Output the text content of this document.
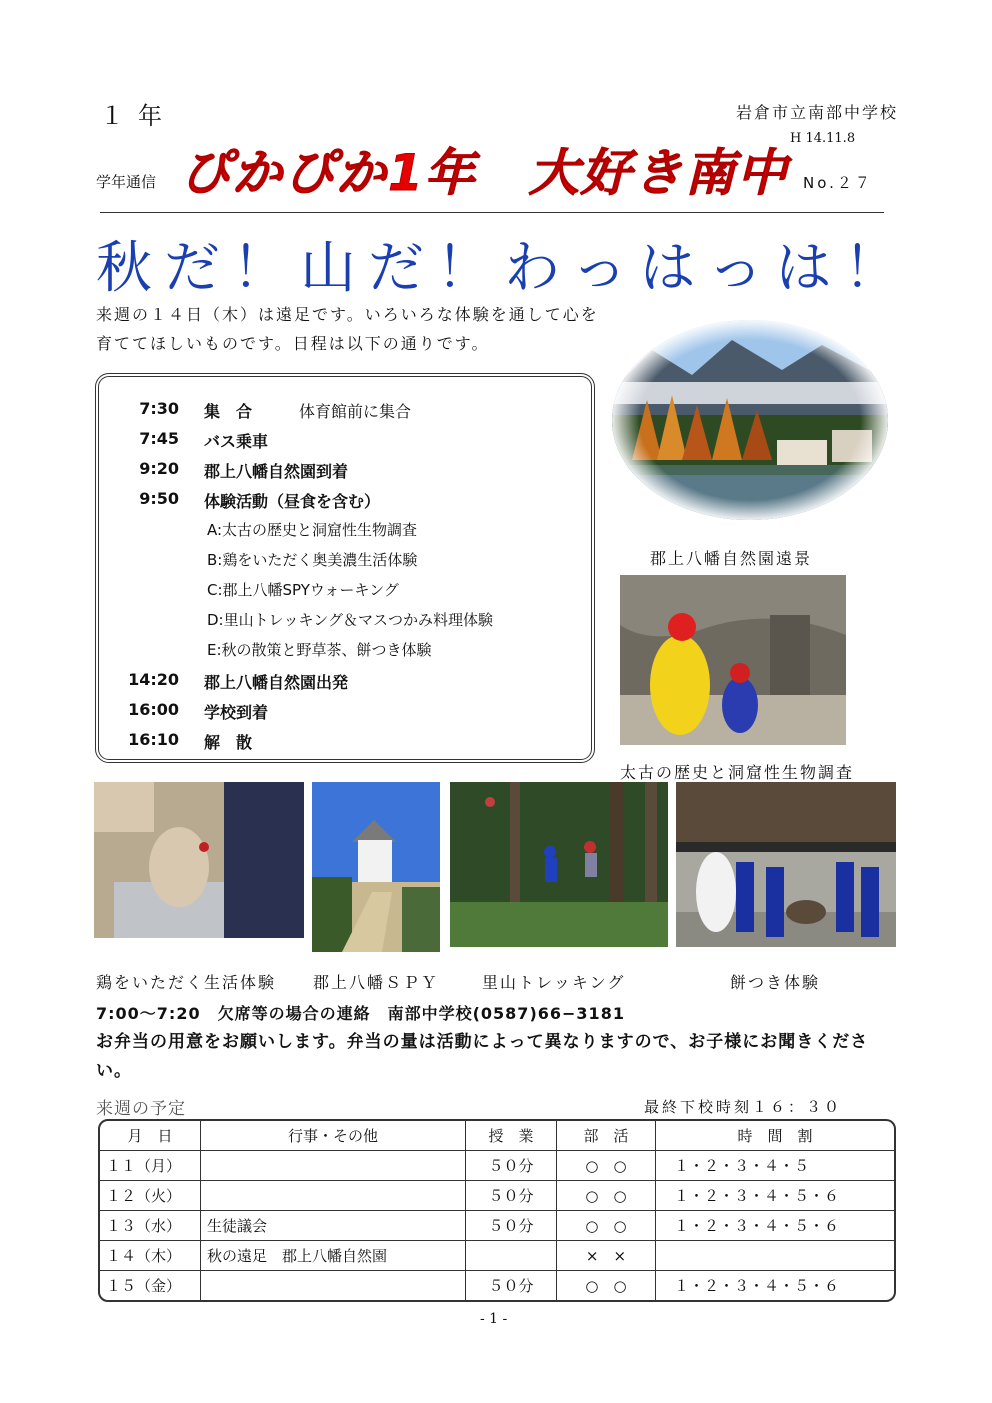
１年	岩倉市立南部中学校
H 14.11.8
学年通信 ぴかぴか1年　大好き南中 No.２７
秋だ！山だ！わっはっは！
来週の１４日（木）は遠足です。いろいろな体験を通して心を育ててほしいものです。日程は以下の通りです。
7:30 集　合	体育館前に集合
7:45 バス乗車
9:20 郡上八幡自然園到着
9:50 体験活動（昼食を含む）
A:太古の歴史と洞窟性生物調査
B:鶏をいただく奥美濃生活体験
C:郡上八幡SPYウォーキング
D:里山トレッキング＆マスつかみ料理体験
E:秋の散策と野草茶、餅つき体験
14:20 郡上八幡自然園出発
16:00 学校到着
16:10 解　散
郡上八幡自然園遠景
太古の歴史と洞窟性生物調査
鶏をいただく生活体験 郡上八幡ＳＰＹ	里山トレッキング	餅つき体験
7:00〜7:20　欠席等の場合の連絡　南部中学校(0587)66−3181
お弁当の用意をお願いします。弁当の量は活動によって異なりますので、お子様にお聞きください。
来週の予定	最終下校時刻１６：３０
月　日	行事・その他	授　業	部　活	時　間　割
１１（月）		５０分	○　○	１・２・３・４・５
１２（火）		５０分	○　○	１・２・３・４・５・６
１３（水）	生徒議会	５０分	○　○	１・２・３・４・５・６
１４（木）	秋の遠足　郡上八幡自然園		×　×	
１５（金）		５０分	○　○	１・２・３・４・５・６
- 1 -
